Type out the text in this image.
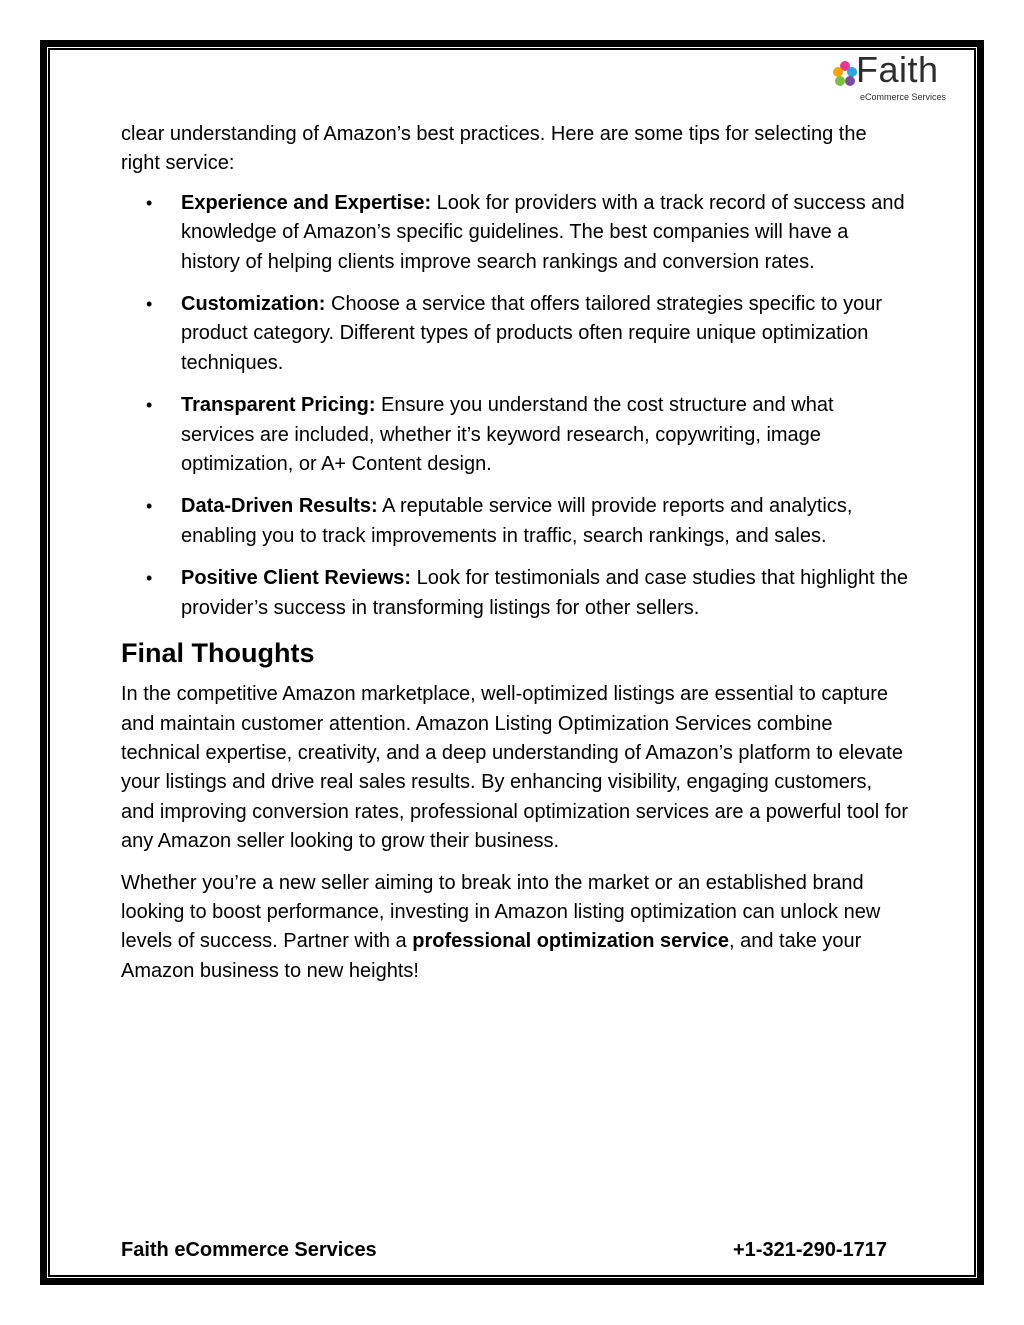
Faith
eCommerce Services

clear understanding of Amazon’s best practices. Here are some tips for selecting the right service:

• Experience and Expertise: Look for providers with a track record of success and knowledge of Amazon’s specific guidelines. The best companies will have a history of helping clients improve search rankings and conversion rates.
• Customization: Choose a service that offers tailored strategies specific to your product category. Different types of products often require unique optimization techniques.
• Transparent Pricing: Ensure you understand the cost structure and what services are included, whether it’s keyword research, copywriting, image optimization, or A+ Content design.
• Data-Driven Results: A reputable service will provide reports and analytics, enabling you to track improvements in traffic, search rankings, and sales.
• Positive Client Reviews: Look for testimonials and case studies that highlight the provider’s success in transforming listings for other sellers.
Final Thoughts

In the competitive Amazon marketplace, well-optimized listings are essential to capture and maintain customer attention. Amazon Listing Optimization Services combine technical expertise, creativity, and a deep understanding of Amazon’s platform to elevate your listings and drive real sales results. By enhancing visibility, engaging customers, and improving conversion rates, professional optimization services are a powerful tool for any Amazon seller looking to grow their business.

Whether you’re a new seller aiming to break into the market or an established brand looking to boost performance, investing in Amazon listing optimization can unlock new levels of success. Partner with a professional optimization service, and take your Amazon business to new heights!

Faith eCommerce Services	+1-321-290-1717
